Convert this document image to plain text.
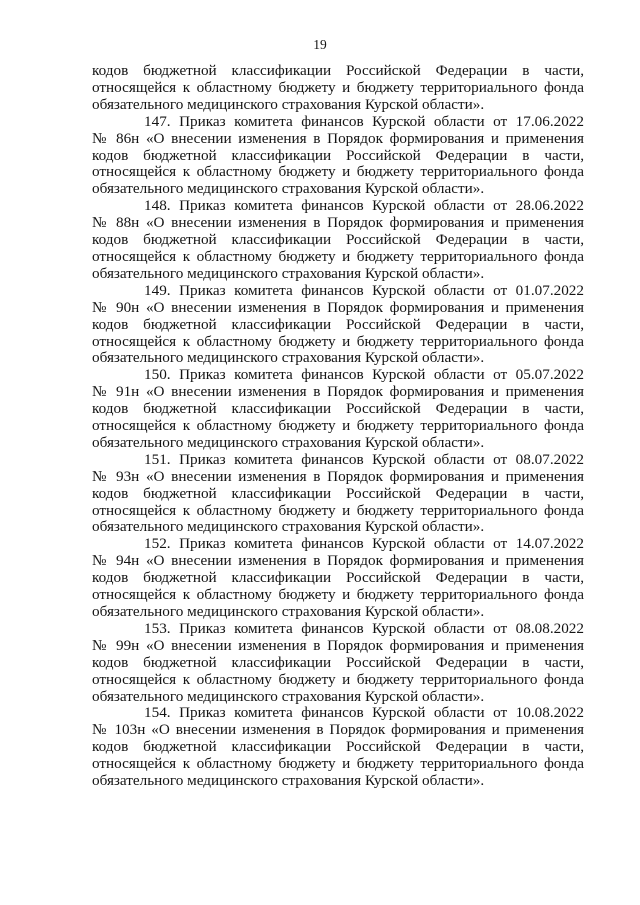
19
кодов бюджетной классификации Российской Федерации в части,
относящейся к областному бюджету и бюджету территориального фонда
обязательного медицинского страхования Курской области».
147. Приказ комитета финансов Курской области от 17.06.2022
№ 86н «О внесении изменения в Порядок формирования и применения
кодов бюджетной классификации Российской Федерации в части,
относящейся к областному бюджету и бюджету территориального фонда
обязательного медицинского страхования Курской области».
148. Приказ комитета финансов Курской области от 28.06.2022
№ 88н «О внесении изменения в Порядок формирования и применения
кодов бюджетной классификации Российской Федерации в части,
относящейся к областному бюджету и бюджету территориального фонда
обязательного медицинского страхования Курской области».
149. Приказ комитета финансов Курской области от 01.07.2022
№ 90н «О внесении изменения в Порядок формирования и применения
кодов бюджетной классификации Российской Федерации в части,
относящейся к областному бюджету и бюджету территориального фонда
обязательного медицинского страхования Курской области».
150. Приказ комитета финансов Курской области от 05.07.2022
№ 91н «О внесении изменения в Порядок формирования и применения
кодов бюджетной классификации Российской Федерации в части,
относящейся к областному бюджету и бюджету территориального фонда
обязательного медицинского страхования Курской области».
151. Приказ комитета финансов Курской области от 08.07.2022
№ 93н «О внесении изменения в Порядок формирования и применения
кодов бюджетной классификации Российской Федерации в части,
относящейся к областному бюджету и бюджету территориального фонда
обязательного медицинского страхования Курской области».
152. Приказ комитета финансов Курской области от 14.07.2022
№ 94н «О внесении изменения в Порядок формирования и применения
кодов бюджетной классификации Российской Федерации в части,
относящейся к областному бюджету и бюджету территориального фонда
обязательного медицинского страхования Курской области».
153. Приказ комитета финансов Курской области от 08.08.2022
№ 99н «О внесении изменения в Порядок формирования и применения
кодов бюджетной классификации Российской Федерации в части,
относящейся к областному бюджету и бюджету территориального фонда
обязательного медицинского страхования Курской области».
154. Приказ комитета финансов Курской области от 10.08.2022
№ 103н «О внесении изменения в Порядок формирования и применения
кодов бюджетной классификации Российской Федерации в части,
относящейся к областному бюджету и бюджету территориального фонда
обязательного медицинского страхования Курской области».
